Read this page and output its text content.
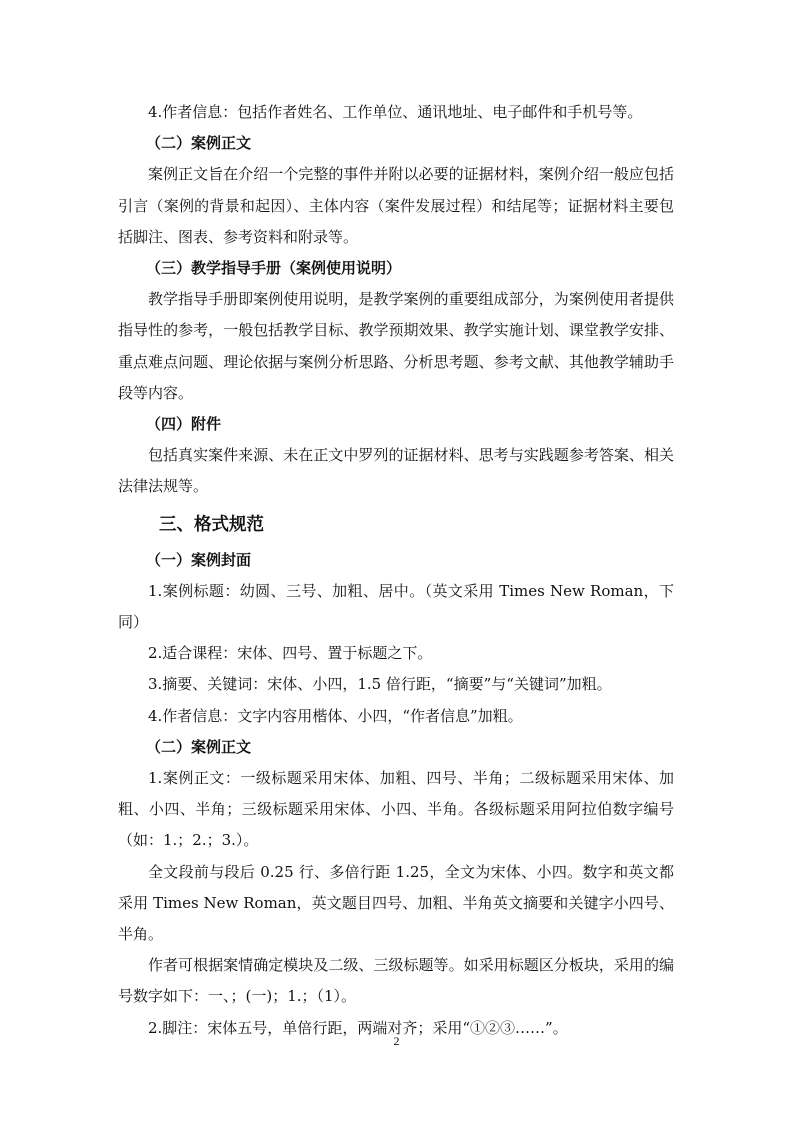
4.作者信息：包括作者姓名、工作单位、通讯地址、电子邮件和手机号等。
（二）案例正文
案例正文旨在介绍一个完整的事件并附以必要的证据材料，案例介绍一般应包括引言（案例的背景和起因）、主体内容（案件发展过程）和结尾等；证据材料主要包括脚注、图表、参考资料和附录等。
（三）教学指导手册（案例使用说明）
教学指导手册即案例使用说明，是教学案例的重要组成部分，为案例使用者提供指导性的参考，一般包括教学目标、教学预期效果、教学实施计划、课堂教学安排、重点难点问题、理论依据与案例分析思路、分析思考题、参考文献、其他教学辅助手段等内容。
（四）附件
包括真实案件来源、未在正文中罗列的证据材料、思考与实践题参考答案、相关法律法规等。
三、格式规范
（一）案例封面
1.案例标题：幼圆、三号、加粗、居中。（英文采用 Times New Roman，下同）
2.适合课程：宋体、四号、置于标题之下。
3.摘要、关键词：宋体、小四，1.5 倍行距，“摘要”与“关键词”加粗。
4.作者信息：文字内容用楷体、小四，“作者信息”加粗。
（二）案例正文
1.案例正文：一级标题采用宋体、加粗、四号、半角；二级标题采用宋体、加粗、小四、半角；三级标题采用宋体、小四、半角。各级标题采用阿拉伯数字编号（如：1.；2.；3.）。
全文段前与段后 0.25 行、多倍行距 1.25，全文为宋体、小四。数字和英文都采用 Times New Roman，英文题目四号、加粗、半角英文摘要和关键字小四号、半角。
作者可根据案情确定模块及二级、三级标题等。如采用标题区分板块，采用的编号数字如下：一、；(一)；1.；（1）。
2.脚注：宋体五号，单倍行距，两端对齐；采用“①②③……”。
2
